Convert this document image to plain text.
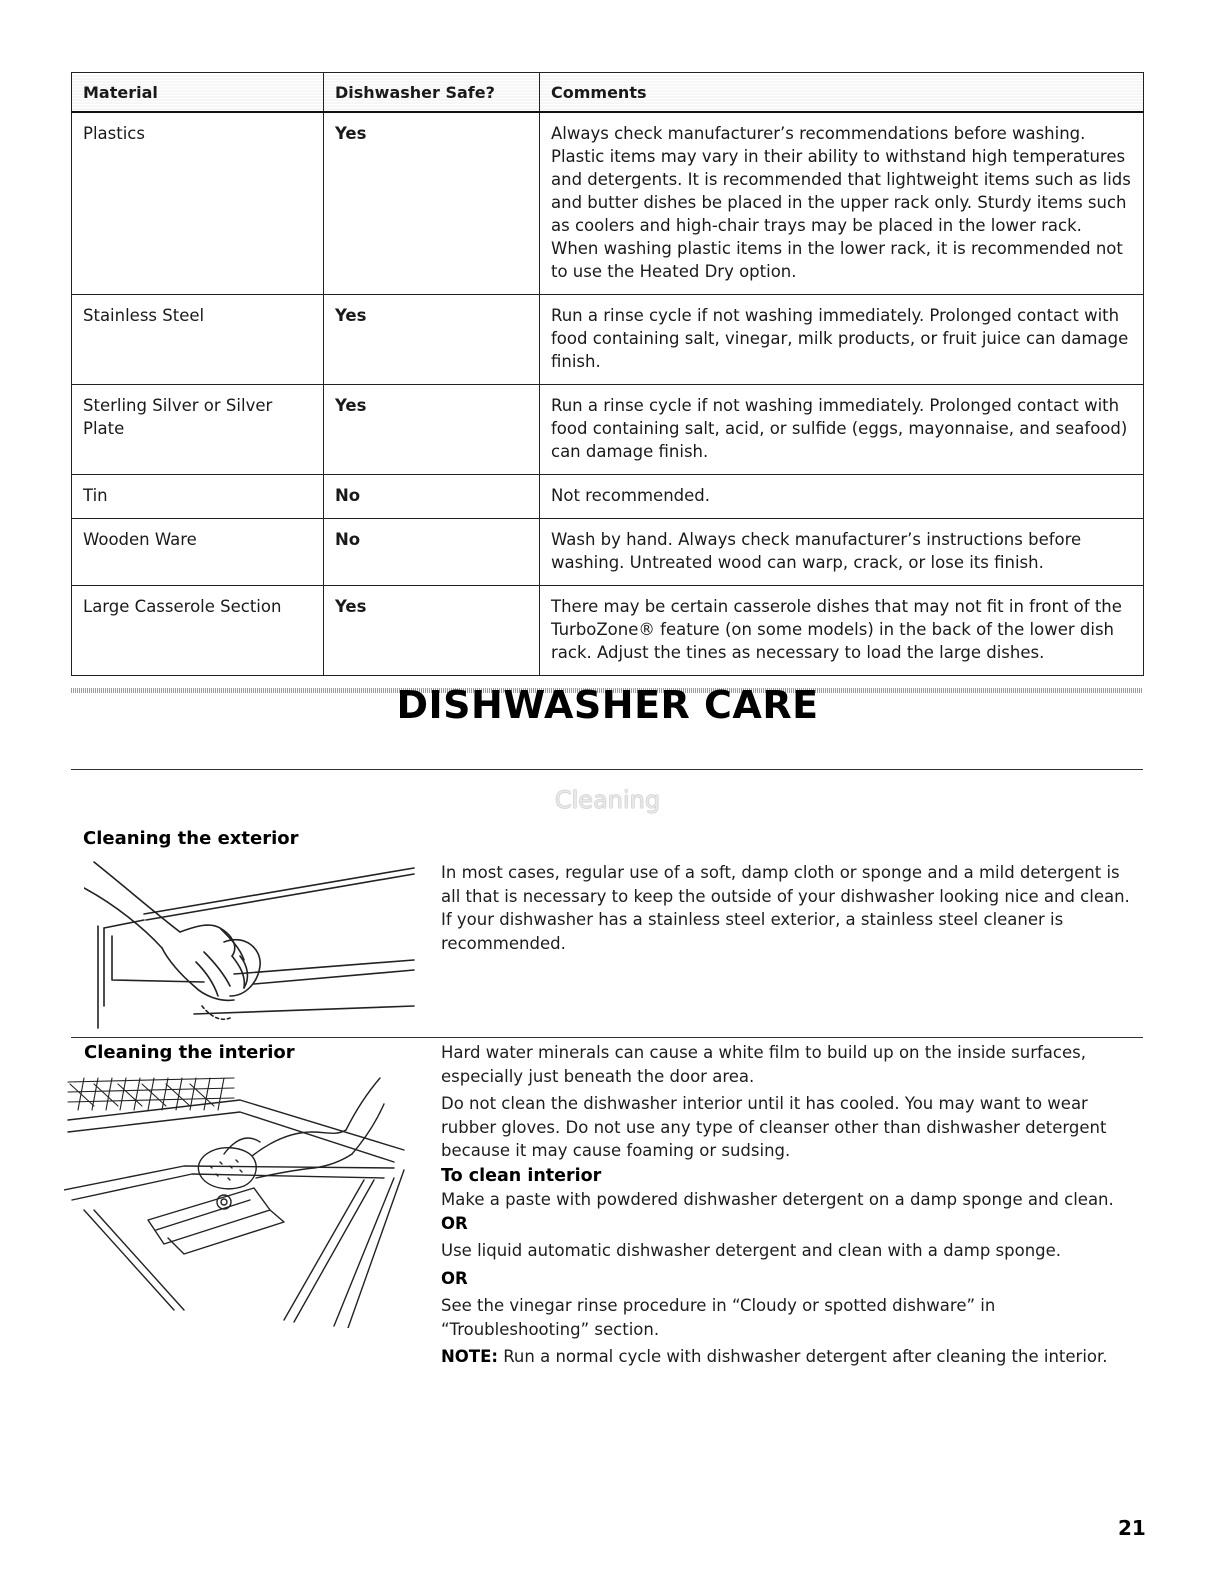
Material	Dishwasher Safe?	Comments
Plastics	Yes	Always check manufacturer’s recommendations before washing. Plastic items may vary in their ability to withstand high temperatures and detergents. It is recommended that lightweight items such as lids and butter dishes be placed in the upper rack only. Sturdy items such as coolers and high-chair trays may be placed in the lower rack. When washing plastic items in the lower rack, it is recommended not to use the Heated Dry option.
Stainless Steel	Yes	Run a rinse cycle if not washing immediately. Prolonged contact with food containing salt, vinegar, milk products, or fruit juice can damage finish.
Sterling Silver or Silver Plate	Yes	Run a rinse cycle if not washing immediately. Prolonged contact with food containing salt, acid, or sulfide (eggs, mayonnaise, and seafood) can damage finish.
Tin	No	Not recommended.
Wooden Ware	No	Wash by hand. Always check manufacturer’s instructions before washing. Untreated wood can warp, crack, or lose its finish.
Large Casserole Section	Yes	There may be certain casserole dishes that may not fit in front of the TurboZone® feature (on some models) in the back of the lower dish rack. Adjust the tines as necessary to load the large dishes.
DISHWASHER CARE
Cleaning
Cleaning the exterior
In most cases, regular use of a soft, damp cloth or sponge and a mild detergent is all that is necessary to keep the outside of your dishwasher looking nice and clean. If your dishwasher has a stainless steel exterior, a stainless steel cleaner is recommended.
Cleaning the interior	Hard water minerals can cause a white film to build up on the inside surfaces, especially just beneath the door area.

Do not clean the dishwasher interior until it has cooled. You may want to wear rubber gloves. Do not use any type of cleanser other than dishwasher detergent because it may cause foaming or sudsing.

To clean interior

Make a paste with powdered dishwasher detergent on a damp sponge and clean.

OR

Use liquid automatic dishwasher detergent and clean with a damp sponge.

OR

See the vinegar rinse procedure in “Cloudy or spotted dishware” in “Troubleshooting” section.

NOTE: Run a normal cycle with dishwasher detergent after cleaning the interior.

21
